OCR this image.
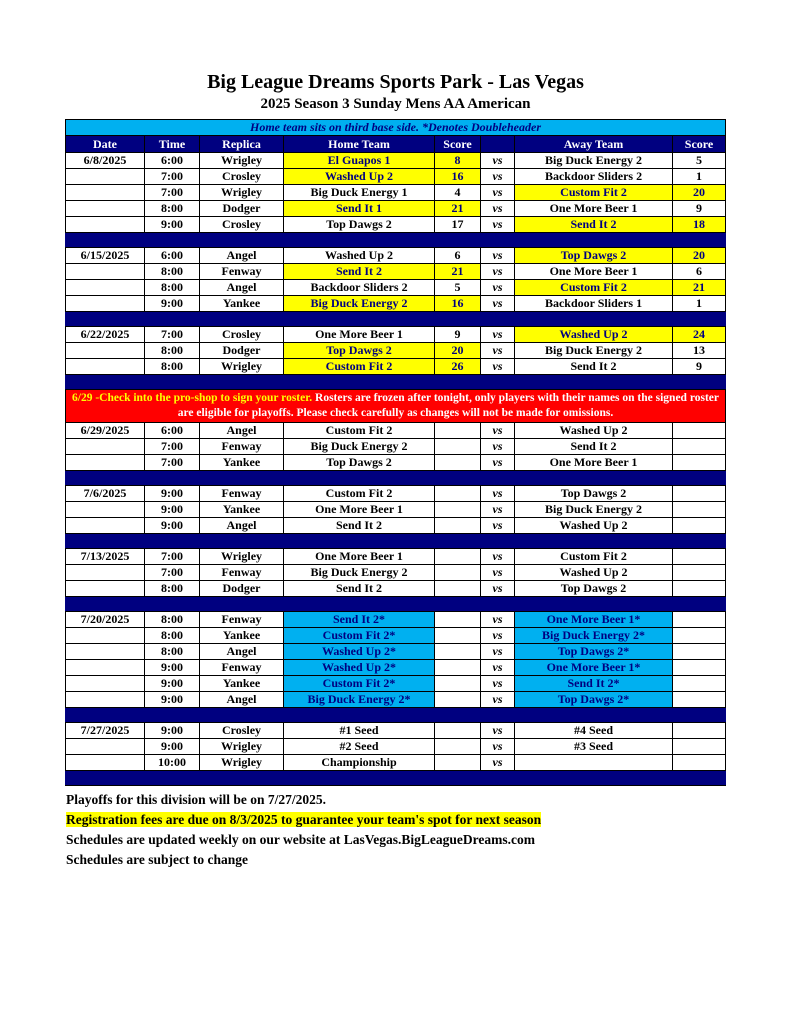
Big League Dreams Sports Park - Las Vegas
2025 Season 3 Sunday Mens AA American
Home team sits on third base side. *Denotes Doubleheader							
Date	Time	Replica	Home Team	Score		Away Team	Score
6/8/2025	6:00	Wrigley	El Guapos 1	8	vs	Big Duck Energy 2	5
	7:00	Crosley	Washed Up 2	16	vs	Backdoor Sliders 2	1
	7:00	Wrigley	Big Duck Energy 1	4	vs	Custom Fit 2	20
	8:00	Dodger	Send It 1	21	vs	One More Beer 1	9
	9:00	Crosley	Top Dawgs 2	17	vs	Send It 2	18

6/15/2025	6:00	Angel	Washed Up 2	6	vs	Top Dawgs 2	20
	8:00	Fenway	Send It 2	21	vs	One More Beer 1	6
	8:00	Angel	Backdoor Sliders 2	5	vs	Custom Fit 2	21
	9:00	Yankee	Big Duck Energy 2	16	vs	Backdoor Sliders 1	1

6/22/2025	7:00	Crosley	One More Beer 1	9	vs	Washed Up 2	24
	8:00	Dodger	Top Dawgs 2	20	vs	Big Duck Energy 2	13
	8:00	Wrigley	Custom Fit 2	26	vs	Send It 2	9

6/29 -Check into the pro-shop to sign your roster. Rosters are frozen after tonight, only players with their names on the signed roster are eligible for playoffs. Please check carefully as changes will not be made for omissions.							
6/29/2025	6:00	Angel	Custom Fit 2		vs	Washed Up 2	
	7:00	Fenway	Big Duck Energy 2		vs	Send It 2	
	7:00	Yankee	Top Dawgs 2		vs	One More Beer 1	

7/6/2025	9:00	Fenway	Custom Fit 2		vs	Top Dawgs 2	
	9:00	Yankee	One More Beer 1		vs	Big Duck Energy 2	
	9:00	Angel	Send It 2		vs	Washed Up 2	

7/13/2025	7:00	Wrigley	One More Beer 1		vs	Custom Fit 2	
	7:00	Fenway	Big Duck Energy 2		vs	Washed Up 2	
	8:00	Dodger	Send It 2		vs	Top Dawgs 2	

7/20/2025	8:00	Fenway	Send It 2*		vs	One More Beer 1*	
	8:00	Yankee	Custom Fit 2*		vs	Big Duck Energy 2*	
	8:00	Angel	Washed Up 2*		vs	Top Dawgs 2*	
	9:00	Fenway	Washed Up 2*		vs	One More Beer 1*	
	9:00	Yankee	Custom Fit 2*		vs	Send It 2*	
	9:00	Angel	Big Duck Energy 2*		vs	Top Dawgs 2*	

7/27/2025	9:00	Crosley	#1 Seed		vs	#4 Seed	
	9:00	Wrigley	#2 Seed		vs	#3 Seed	
	10:00	Wrigley	Championship		vs		

Playoffs for this division will be on 7/27/2025.

Registration fees are due on 8/3/2025 to guarantee your team's spot for next season

Schedules are updated weekly on our website at LasVegas.BigLeagueDreams.com

Schedules are subject to change
